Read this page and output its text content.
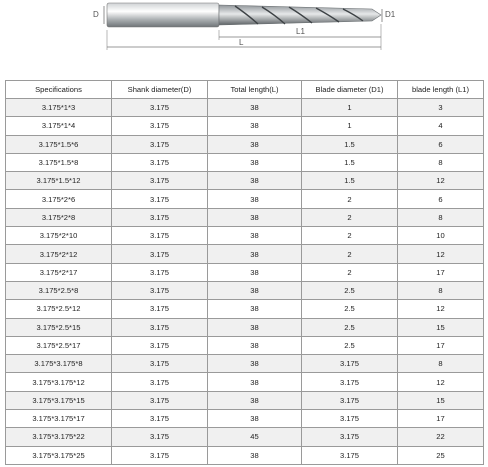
D	D1
L1
L
Specifications	Shank diameter(D)	Total length(L)	Blade diameter (D1)	blade length (L1)
3.175*1*3	3.175	38	1	3
3.175*1*4	3.175	38	1	4
3.175*1.5*6	3.175	38	1.5	6
3.175*1.5*8	3.175	38	1.5	8
3.175*1.5*12	3.175	38	1.5	12
3.175*2*6	3.175	38	2	6
3.175*2*8	3.175	38	2	8
3.175*2*10	3.175	38	2	10
3.175*2*12	3.175	38	2	12
3.175*2*17	3.175	38	2	17
3.175*2.5*8	3.175	38	2.5	8
3.175*2.5*12	3.175	38	2.5	12
3.175*2.5*15	3.175	38	2.5	15
3.175*2.5*17	3.175	38	2.5	17
3.175*3.175*8	3.175	38	3.175	8
3.175*3.175*12	3.175	38	3.175	12
3.175*3.175*15	3.175	38	3.175	15
3.175*3.175*17	3.175	38	3.175	17
3.175*3.175*22	3.175	45	3.175	22
3.175*3.175*25	3.175	38	3.175	25
